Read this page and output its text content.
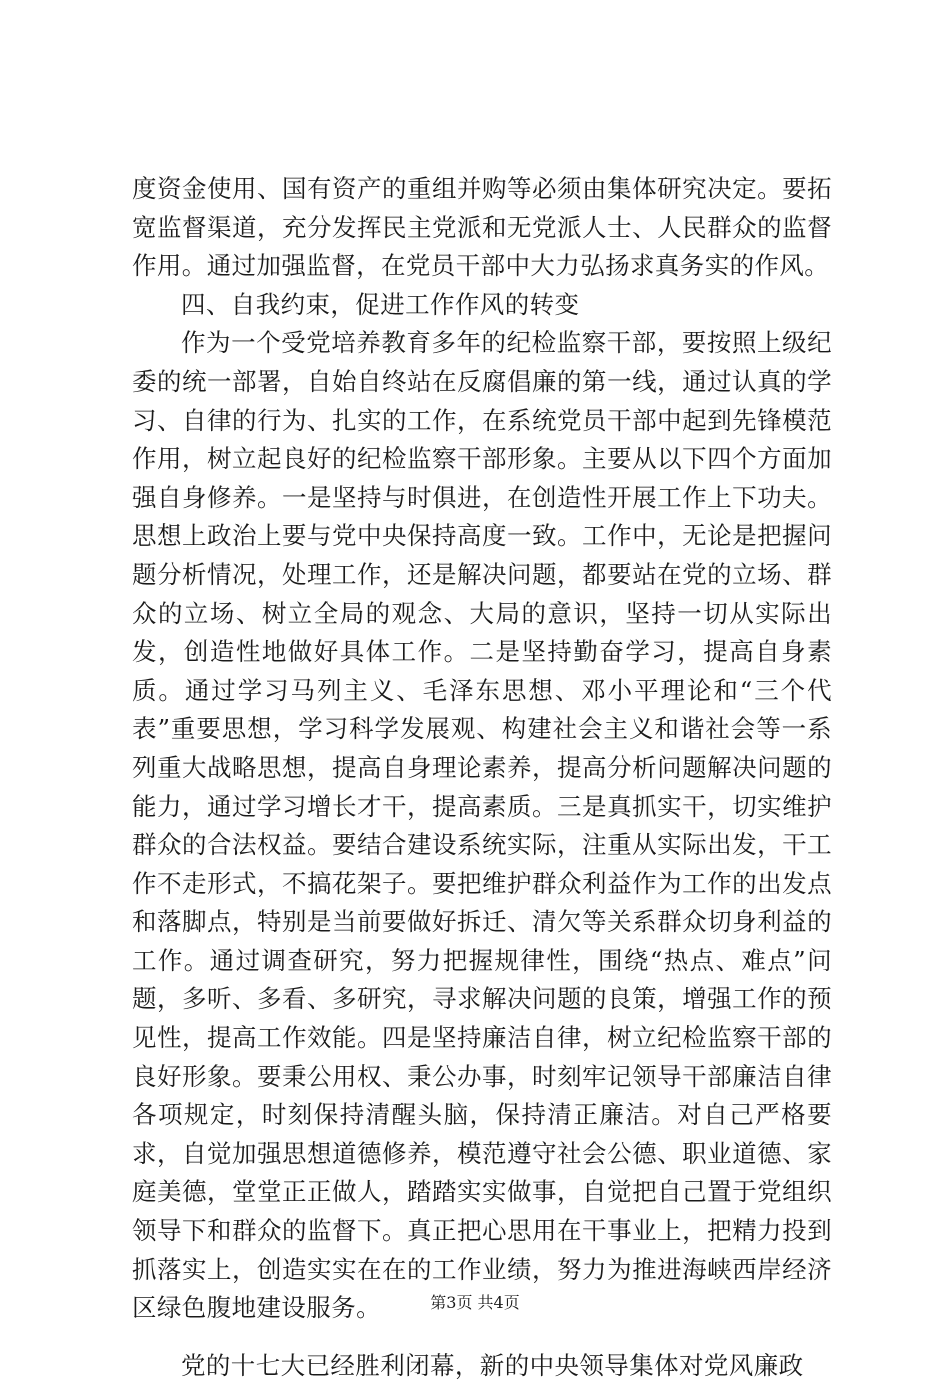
度资金使用、国有资产的重组并购等必须由集体研究决定。要拓宽监督渠道，充分发挥民主党派和无党派人士、人民群众的监督作用。通过加强监督，在党员干部中大力弘扬求真务实的作风。

四、自我约束，促进工作作风的转变

作为一个受党培养教育多年的纪检监察干部，要按照上级纪委的统一部署，自始自终站在反腐倡廉的第一线，通过认真的学习、自律的行为、扎实的工作，在系统党员干部中起到先锋模范作用，树立起良好的纪检监察干部形象。主要从以下四个方面加强自身修养。一是坚持与时俱进，在创造性开展工作上下功夫。思想上政治上要与党中央保持高度一致。工作中，无论是把握问题分析情况，处理工作，还是解决问题，都要站在党的立场、群众的立场、树立全局的观念、大局的意识，坚持一切从实际出发，创造性地做好具体工作。二是坚持勤奋学习，提高自身素质。通过学习马列主义、毛泽东思想、邓小平理论和“三个代表”重要思想，学习科学发展观、构建社会主义和谐社会等一系列重大战略思想，提高自身理论素养，提高分析问题解决问题的能力，通过学习增长才干，提高素质。三是真抓实干，切实维护群众的合法权益。要结合建设系统实际，注重从实际出发，干工作不走形式，不搞花架子。要把维护群众利益作为工作的出发点和落脚点，特别是当前要做好拆迁、清欠等关系群众切身利益的工作。通过调查研究，努力把握规律性，围绕“热点、难点”问题，多听、多看、多研究，寻求解决问题的良策，增强工作的预见性，提高工作效能。四是坚持廉洁自律，树立纪检监察干部的良好形象。要秉公用权、秉公办事，时刻牢记领导干部廉洁自律各项规定，时刻保持清醒头脑，保持清正廉洁。对自己严格要求，自觉加强思想道德修养，模范遵守社会公德、职业道德、家庭美德，堂堂正正做人，踏踏实实做事，自觉把自己置于党组织领导下和群众的监督下。真正把心思用在干事业上，把精力投到抓落实上，创造实实在在的工作业绩，努力为推进海峡西岸经济区绿色腹地建设服务。

党的十七大已经胜利闭幕，新的中央领导集体对党风廉政

第3页 共4页
